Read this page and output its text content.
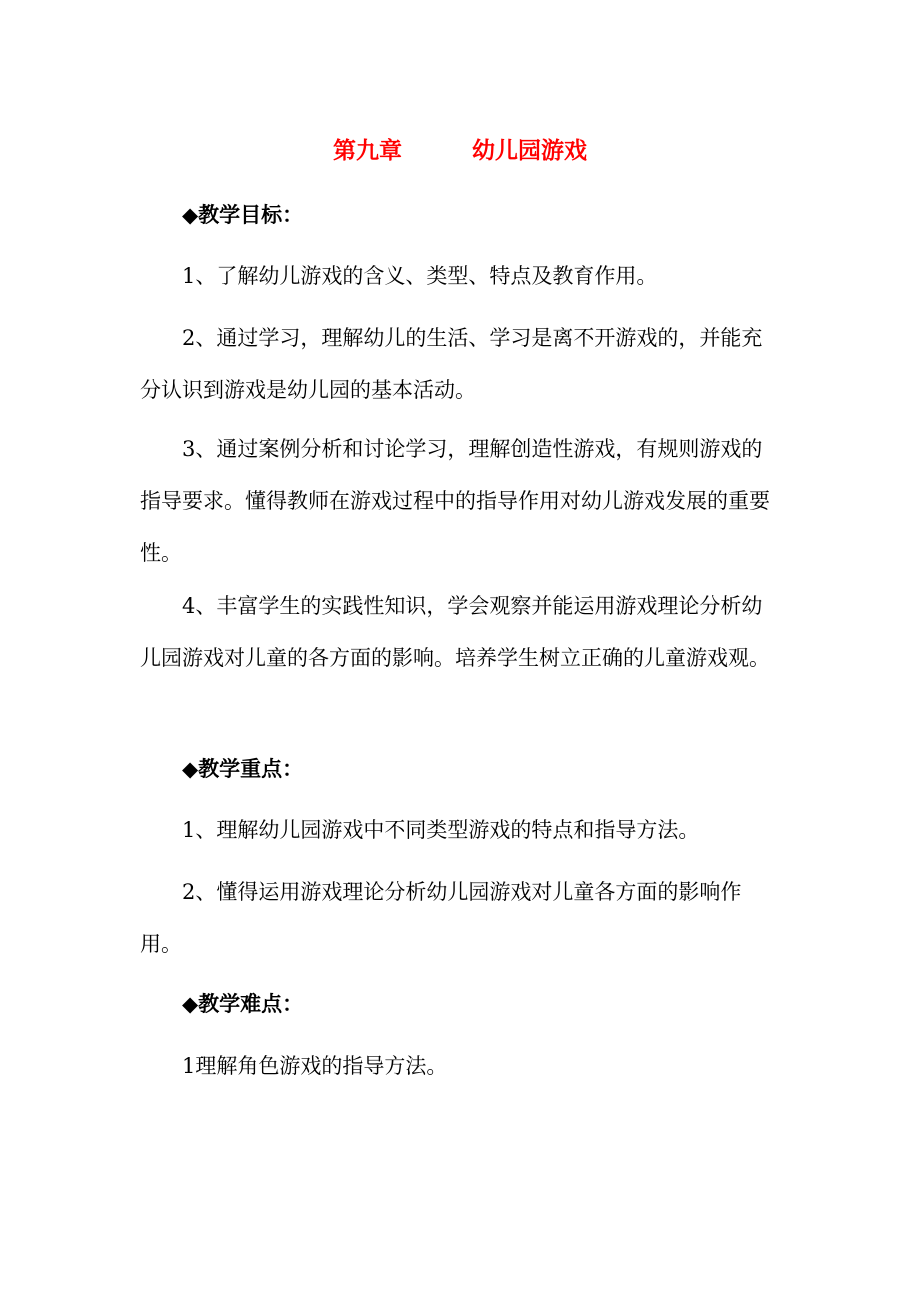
第九章	幼儿园游戏
◆教学目标：
1、了解幼儿游戏的含义、类型、特点及教育作用。
2、通过学习，理解幼儿的生活、学习是离不开游戏的，并能充分认识到游戏是幼儿园的基本活动。
3、通过案例分析和讨论学习，理解创造性游戏，有规则游戏的指导要求。懂得教师在游戏过程中的指导作用对幼儿游戏发展的重要性。
4、丰富学生的实践性知识，学会观察并能运用游戏理论分析幼儿园游戏对儿童的各方面的影响。培养学生树立正确的儿童游戏观。
◆教学重点：
1、理解幼儿园游戏中不同类型游戏的特点和指导方法。
2、懂得运用游戏理论分析幼儿园游戏对儿童各方面的影响作用。
◆教学难点：
1理解角色游戏的指导方法。
